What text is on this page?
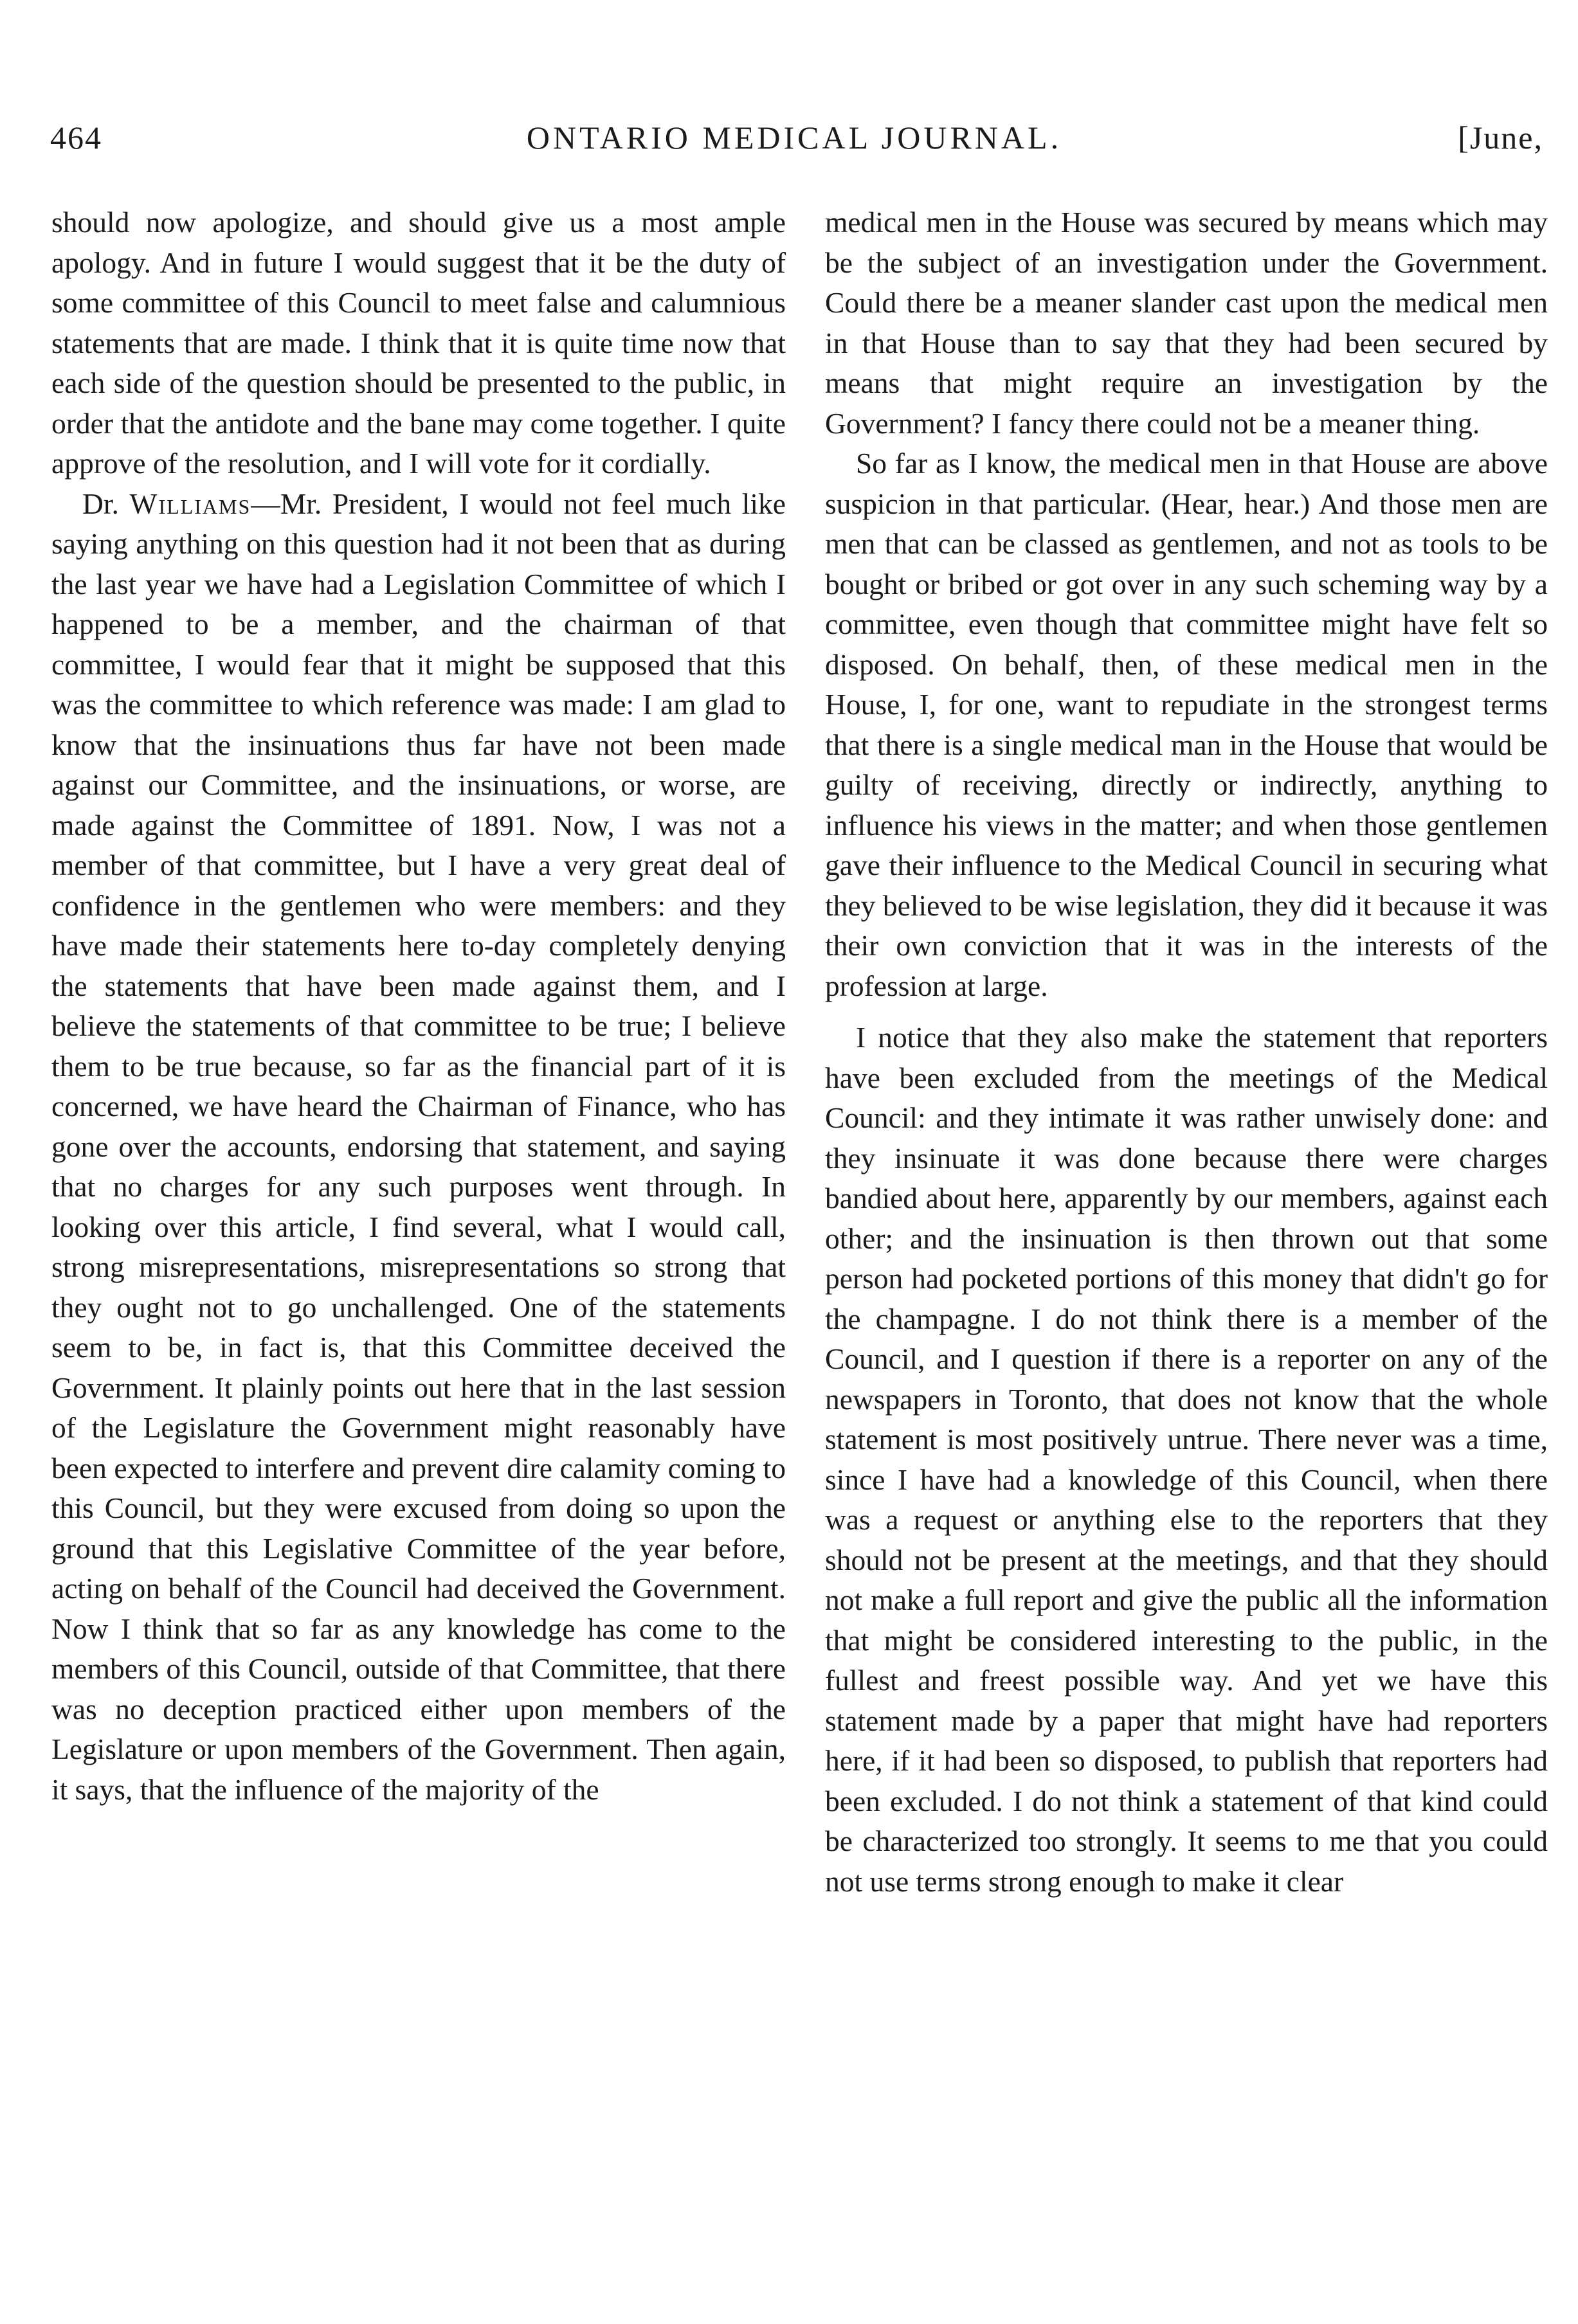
464	ONTARIO MEDICAL JOURNAL.	[June,

should now apologize, and should give us a most ample apology. And in future I would suggest that it be the duty of some committee of this Council to meet false and calumnious statements that are made. I think that it is quite time now that each side of the question should be presented to the public, in order that the antidote and the bane may come together. I quite approve of the resolution, and I will vote for it cordially.

Dr. Williams—Mr. President, I would not feel much like saying anything on this question had it not been that as during the last year we have had a Legislation Committee of which I happened to be a member, and the chairman of that committee, I would fear that it might be supposed that this was the committee to which reference was made: I am glad to know that the insinuations thus far have not been made against our Committee, and the insinuations, or worse, are made against the Committee of 1891. Now, I was not a member of that committee, but I have a very great deal of confidence in the gentlemen who were members: and they have made their statements here to-day completely denying the statements that have been made against them, and I believe the statements of that committee to be true; I believe them to be true because, so far as the financial part of it is concerned, we have heard the Chairman of Finance, who has gone over the accounts, endorsing that statement, and saying that no charges for any such purposes went through. In looking over this article, I find several, what I would call, strong misrepresentations, misrepresentations so strong that they ought not to go unchallenged. One of the statements seem to be, in fact is, that this Committee deceived the Government. It plainly points out here that in the last session of the Legislature the Government might reasonably have been expected to interfere and prevent dire calamity coming to this Council, but they were excused from doing so upon the ground that this Legislative Committee of the year before, acting on behalf of the Council had deceived the Government. Now I think that so far as any knowledge has come to the members of this Council, outside of that Committee, that there was no deception practiced either upon members of the Legislature or upon members of the Government. Then again, it says, that the influence of the majority of the

medical men in the House was secured by means which may be the subject of an investigation under the Government. Could there be a meaner slander cast upon the medical men in that House than to say that they had been secured by means that might require an investigation by the Government? I fancy there could not be a meaner thing.

So far as I know, the medical men in that House are above suspicion in that particular. (Hear, hear.) And those men are men that can be classed as gentlemen, and not as tools to be bought or bribed or got over in any such scheming way by a committee, even though that committee might have felt so disposed. On behalf, then, of these medical men in the House, I, for one, want to repudiate in the strongest terms that there is a single medical man in the House that would be guilty of receiving, directly or indirectly, anything to influence his views in the matter; and when those gentlemen gave their influence to the Medical Council in securing what they believed to be wise legislation, they did it because it was their own conviction that it was in the interests of the profession at large.

I notice that they also make the statement that reporters have been excluded from the meetings of the Medical Council: and they intimate it was rather unwisely done: and they insinuate it was done because there were charges bandied about here, apparently by our members, against each other; and the insinuation is then thrown out that some person had pocketed portions of this money that didn't go for the champagne. I do not think there is a member of the Council, and I question if there is a reporter on any of the newspapers in Toronto, that does not know that the whole statement is most positively untrue. There never was a time, since I have had a knowledge of this Council, when there was a request or anything else to the reporters that they should not be present at the meetings, and that they should not make a full report and give the public all the information that might be considered interesting to the public, in the fullest and freest possible way. And yet we have this statement made by a paper that might have had reporters here, if it had been so disposed, to publish that reporters had been excluded. I do not think a statement of that kind could be characterized too strongly. It seems to me that you could not use terms strong enough to make it clear
